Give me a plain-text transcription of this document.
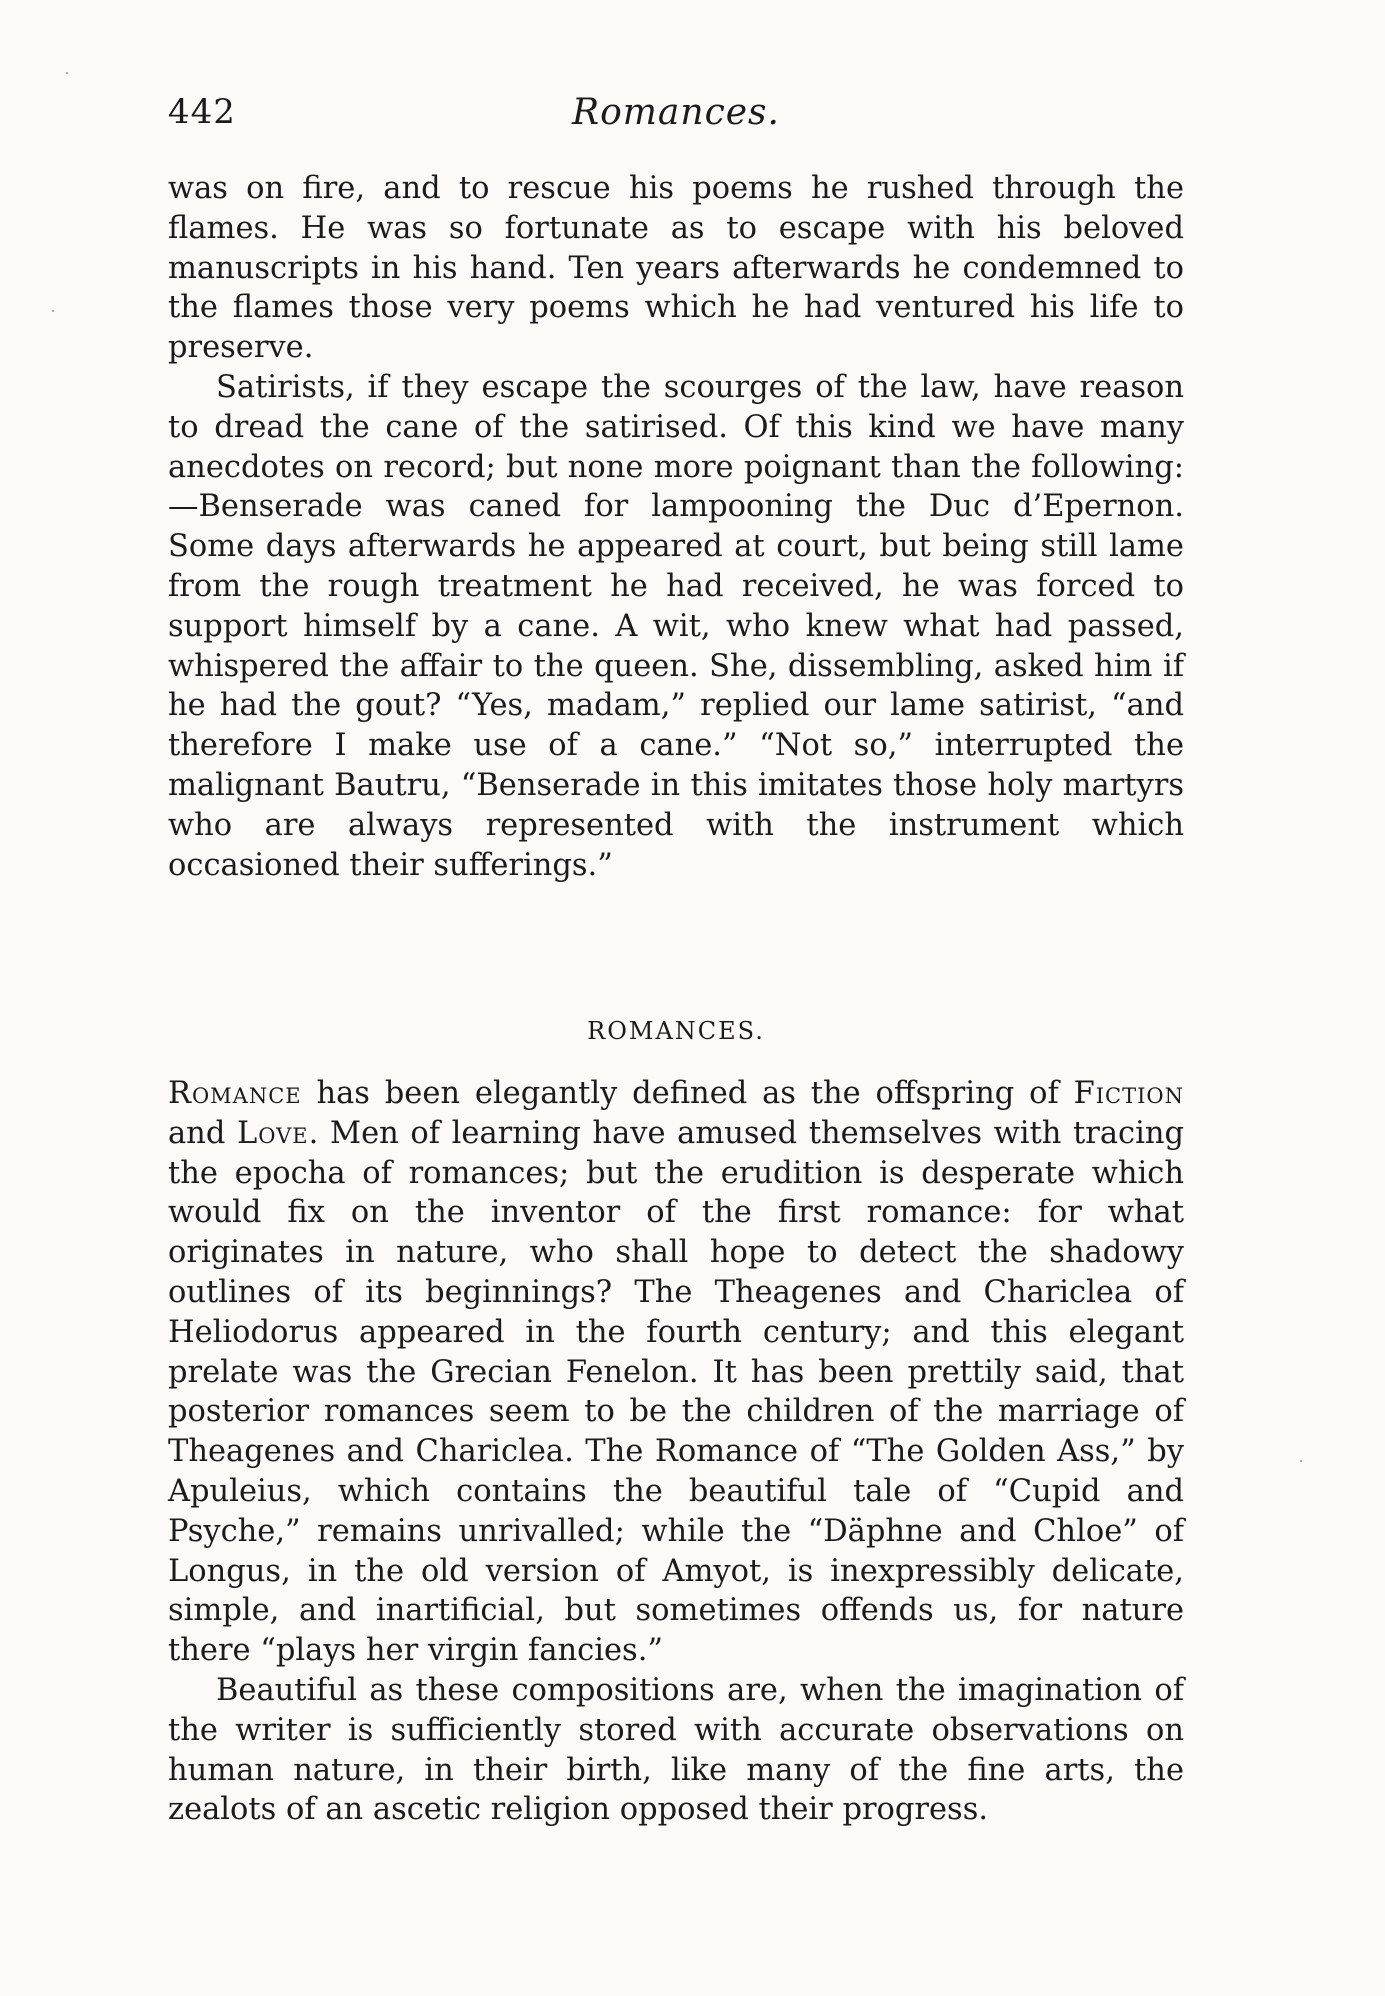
442	Romances.

was on fire, and to rescue his poems he rushed through the flames. He was so fortunate as to escape with his beloved manuscripts in his hand. Ten years afterwards he condemned to the flames those very poems which he had ventured his life to preserve.

Satirists, if they escape the scourges of the law, have reason to dread the cane of the satirised. Of this kind we have many anecdotes on record; but none more poignant than the following:—Benserade was caned for lampooning the Duc d’Epernon. Some days afterwards he appeared at court, but being still lame from the rough treatment he had received, he was forced to support himself by a cane. A wit, who knew what had passed, whispered the affair to the queen. She, dissembling, asked him if he had the gout? “Yes, madam,” replied our lame satirist, “and therefore I make use of a cane.” “Not so,” interrupted the malignant Bautru, “Benserade in this imitates those holy martyrs who are always represented with the instrument which occasioned their sufferings.”

ROMANCES.

Romance has been elegantly defined as the offspring of Fiction and Love. Men of learning have amused themselves with tracing the epocha of romances; but the erudition is desperate which would fix on the inventor of the first romance: for what originates in nature, who shall hope to detect the shadowy outlines of its beginnings? The Theagenes and Chariclea of Heliodorus appeared in the fourth century; and this elegant prelate was the Grecian Fenelon. It has been prettily said, that posterior romances seem to be the children of the marriage of Theagenes and Chariclea. The Romance of “The Golden Ass,” by Apuleius, which contains the beautiful tale of “Cupid and Psyche,” remains unrivalled; while the “Däphne and Chloe” of Longus, in the old version of Amyot, is inexpressibly delicate, simple, and inartificial, but sometimes offends us, for nature there “plays her virgin fancies.”

Beautiful as these compositions are, when the imagination of the writer is sufficiently stored with accurate observations on human nature, in their birth, like many of the fine arts, the zealots of an ascetic religion opposed their progress.
